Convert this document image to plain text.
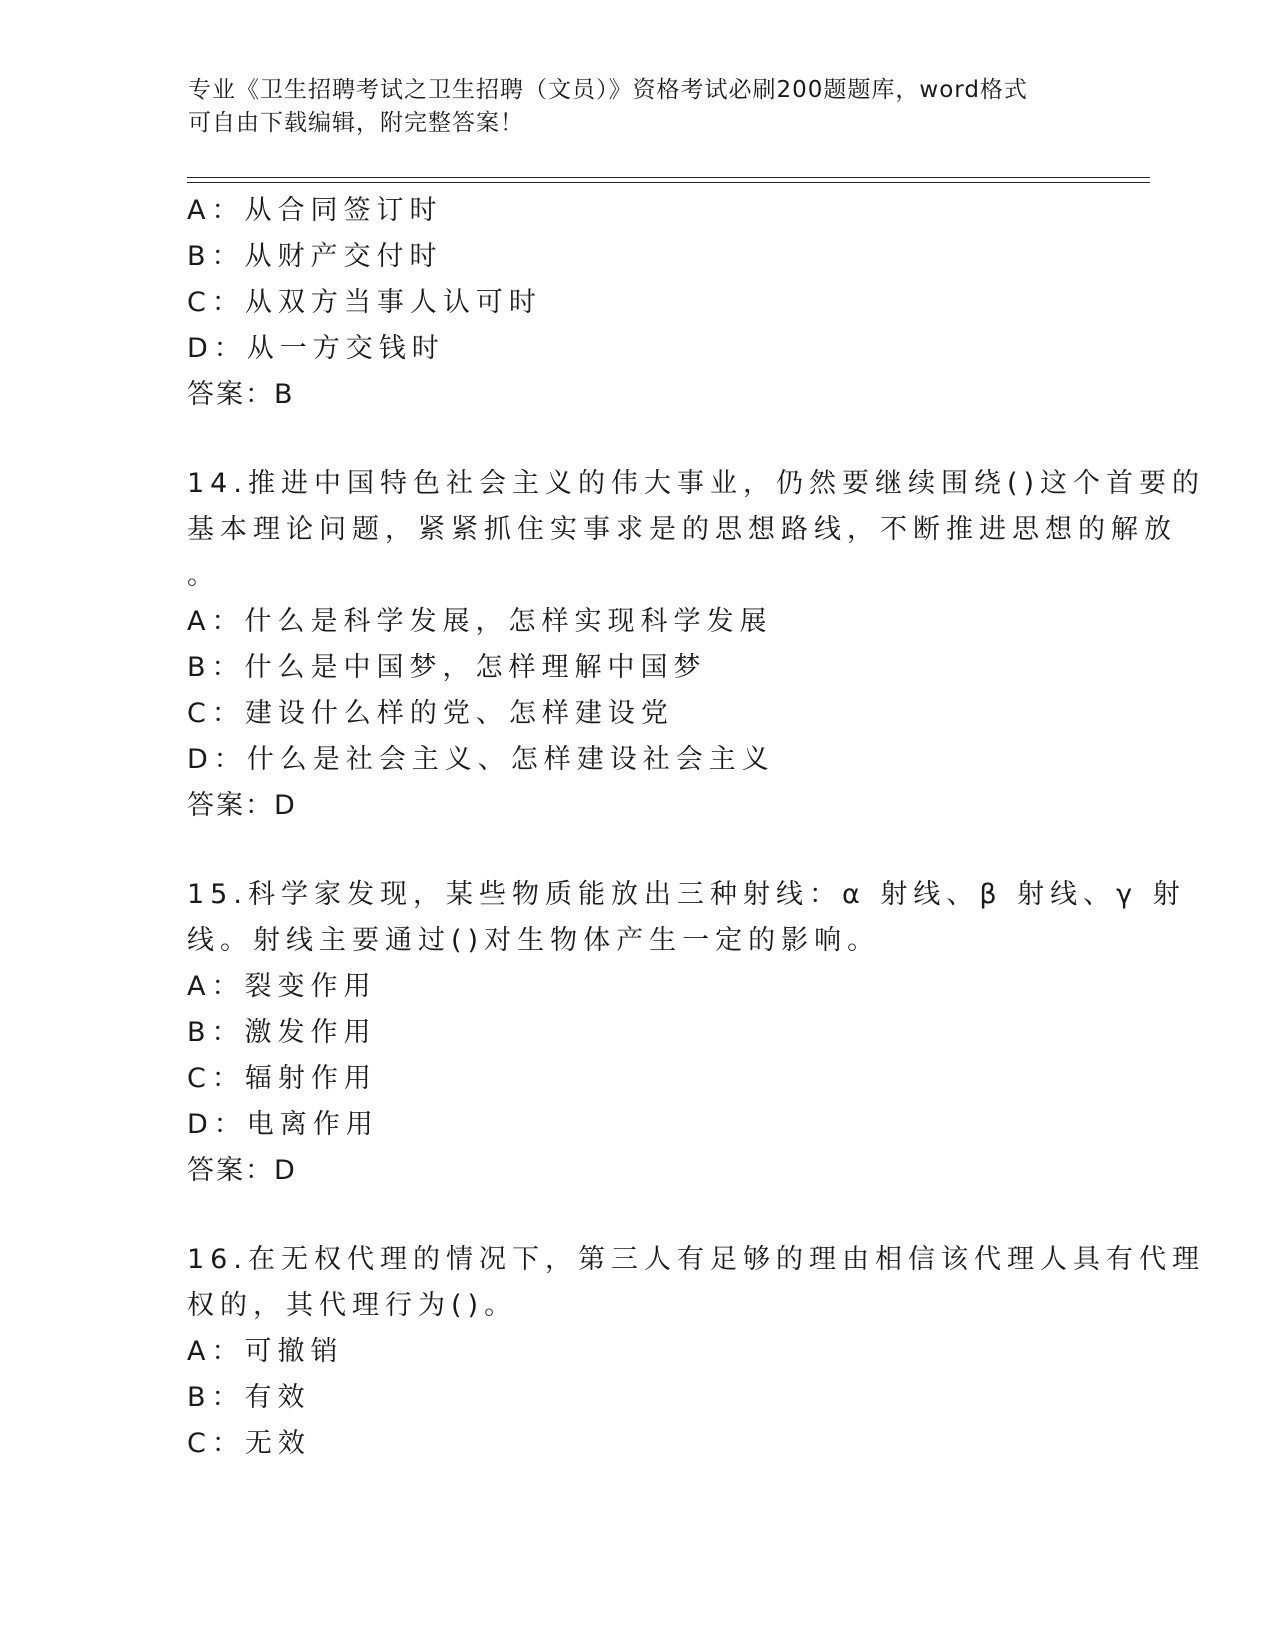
专业《卫生招聘考试之卫生招聘（文员）》资格考试必刷200题题库，word格式
可自由下载编辑，附完整答案！
A：从合同签订时
B：从财产交付时
C：从双方当事人认可时
D：从一方交钱时
答案：B
14.推进中国特色社会主义的伟大事业，仍然要继续围绕()这个首要的
基本理论问题，紧紧抓住实事求是的思想路线，不断推进思想的解放
。
A：什么是科学发展，怎样实现科学发展
B：什么是中国梦，怎样理解中国梦
C：建设什么样的党、怎样建设党
D：什么是社会主义、怎样建设社会主义
答案：D
15.科学家发现，某些物质能放出三种射线：α 射线、β 射线、γ 射
线。射线主要通过()对生物体产生一定的影响。
A：裂变作用
B：激发作用
C：辐射作用
D：电离作用
答案：D
16.在无权代理的情况下，第三人有足够的理由相信该代理人具有代理
权的，其代理行为()。
A：可撤销
B：有效
C：无效
